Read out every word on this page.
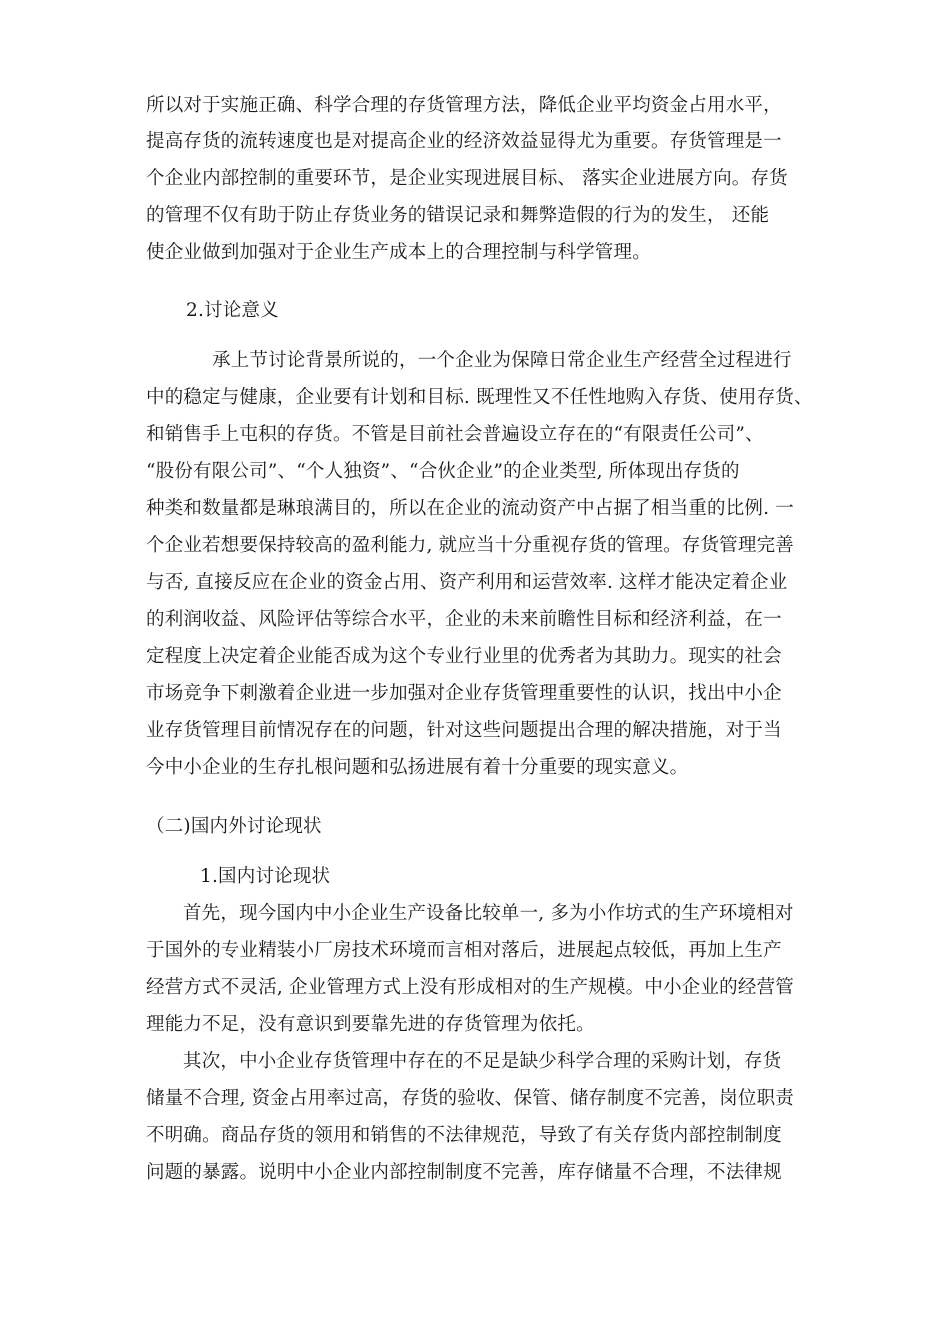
所以对于实施正确、科学合理的存货管理方法，降低企业平均资金占用水平，
提高存货的流转速度也是对提高企业的经济效益显得尤为重要。存货管理是一
个企业内部控制的重要环节，是企业实现进展目标、 落实企业进展方向。存货
的管理不仅有助于防止存货业务的错误记录和舞弊造假的行为的发生， 还能
使企业做到加强对于企业生产成本上的合理控制与科学管理。
2.讨论意义
承上节讨论背景所说的，一个企业为保障日常企业生产经营全过程进行
中的稳定与健康，企业要有计划和目标. 既理性又不任性地购入存货、使用存货、
和销售手上屯积的存货。不管是目前社会普遍设立存在的“有限责任公司”、
“股份有限公司”、“个人独资”、“合伙企业”的企业类型, 所体现出存货的
种类和数量都是琳琅满目的，所以在企业的流动资产中占据了相当重的比例. 一
个企业若想要保持较高的盈利能力, 就应当十分重视存货的管理。存货管理完善
与否, 直接反应在企业的资金占用、资产利用和运营效率. 这样才能决定着企业
的利润收益、风险评估等综合水平，企业的未来前瞻性目标和经济利益，在一
定程度上决定着企业能否成为这个专业行业里的优秀者为其助力。现实的社会
市场竞争下刺激着企业进一步加强对企业存货管理重要性的认识，找出中小企
业存货管理目前情况存在的问题，针对这些问题提出合理的解决措施，对于当
今中小企业的生存扎根问题和弘扬进展有着十分重要的现实意义。
（二)国内外讨论现状
1.国内讨论现状
首先，现今国内中小企业生产设备比较单一, 多为小作坊式的生产环境相对
于国外的专业精装小厂房技术环境而言相对落后，进展起点较低，再加上生产
经营方式不灵活, 企业管理方式上没有形成相对的生产规模。中小企业的经营管
理能力不足，没有意识到要靠先进的存货管理为依托。
其次，中小企业存货管理中存在的不足是缺少科学合理的采购计划，存货
储量不合理, 资金占用率过高，存货的验收、保管、储存制度不完善，岗位职责
不明确。商品存货的领用和销售的不法律规范，导致了有关存货内部控制制度
问题的暴露。说明中小企业内部控制制度不完善，库存储量不合理，不法律规
